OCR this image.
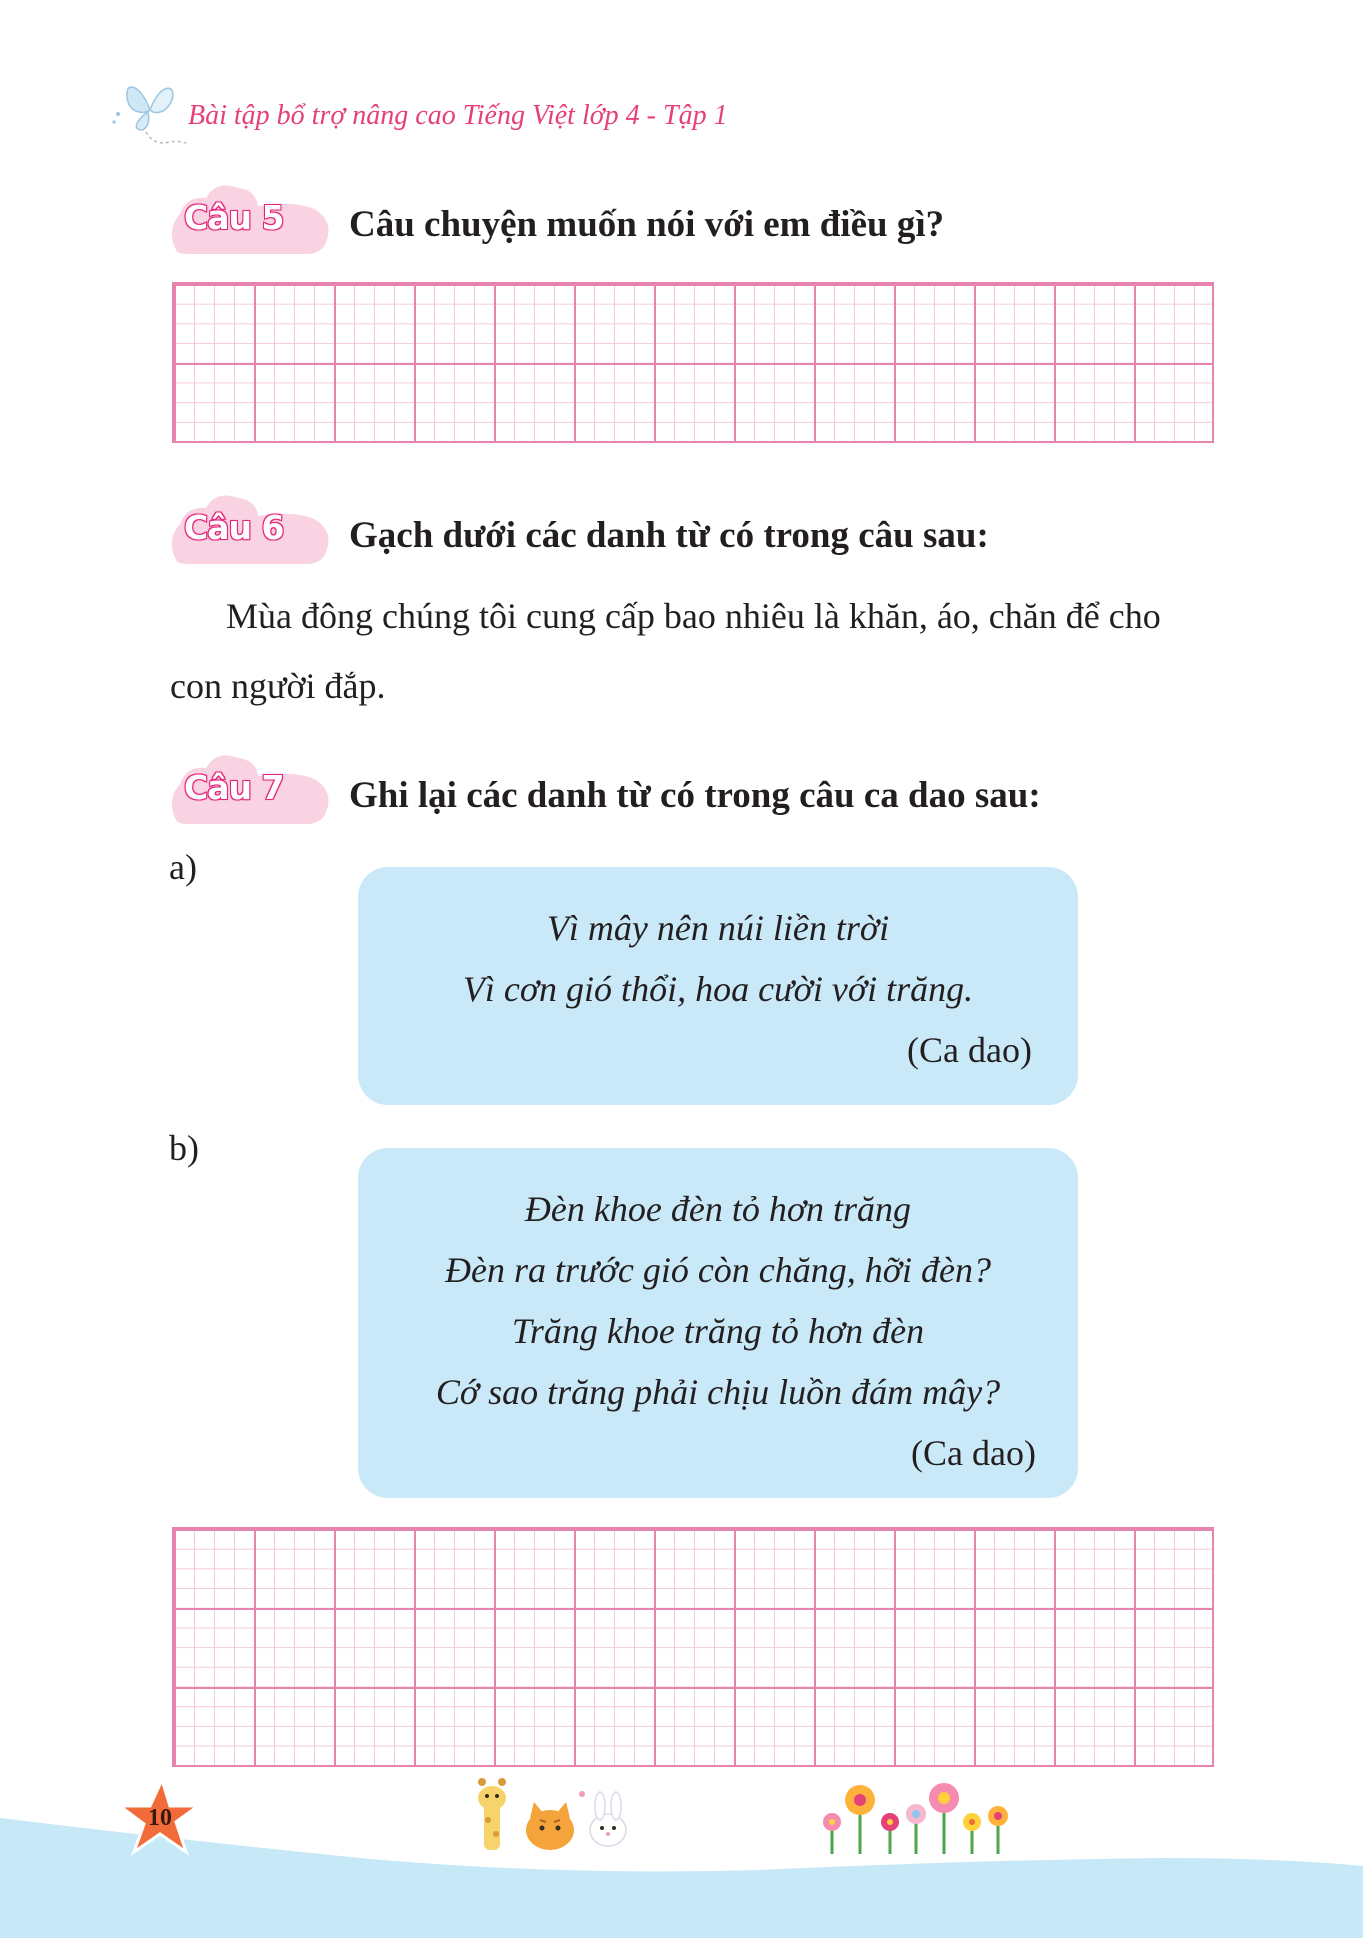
Bài tập bổ trợ nâng cao Tiếng Việt lớp 4 - Tập 1
Câu 5	Câu chuyện muốn nói với em điều gì?
Câu 6	Gạch dưới các danh từ có trong câu sau:
Mùa đông chúng tôi cung cấp bao nhiêu là khăn, áo, chăn để cho
con người đắp.
Câu 7	Ghi lại các danh từ có trong câu ca dao sau:
a)
Vì mây nên núi liền trời
Vì cơn gió thổi, hoa cười với trăng.
(Ca dao)
b)
Đèn khoe đèn tỏ hơn trăng
Đèn ra trước gió còn chăng, hỡi đèn?
Trăng khoe trăng tỏ hơn đèn
Cớ sao trăng phải chịu luồn đám mây?
(Ca dao)
10
